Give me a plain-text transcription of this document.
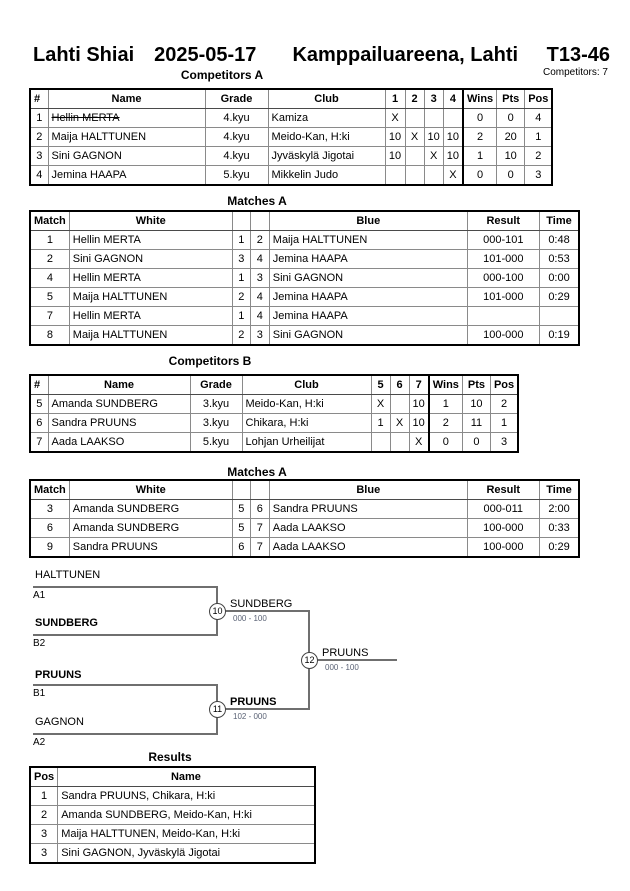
Lahti Shiai 2025-05-17 Kamppailuareena, Lahti T13-46
Competitors: 7
Competitors A
#	Name	Grade	Club	1	2	3	4	Wins	Pts	Pos
1	Hellin MERTA	4.kyu	Kamiza	X				0	0	4
2	Maija HALTTUNEN	4.kyu	Meido-Kan, H:ki	10	X	10	10	2	20	1
3	Sini GAGNON	4.kyu	Jyväskylä Jigotai	10		X	10	1	10	2
4	Jemina HAAPA	5.kyu	Mikkelin Judo				X	0	0	3
Matches A
Match	White			Blue	Result	Time
1	Hellin MERTA	1	2	Maija HALTTUNEN	000-101	0:48
2	Sini GAGNON	3	4	Jemina HAAPA	101-000	0:53
4	Hellin MERTA	1	3	Sini GAGNON	000-100	0:00
5	Maija HALTTUNEN	2	4	Jemina HAAPA	101-000	0:29
7	Hellin MERTA	1	4	Jemina HAAPA		
8	Maija HALTTUNEN	2	3	Sini GAGNON	100-000	0:19
Competitors B
#	Name	Grade	Club	5	6	7	Wins	Pts	Pos
5	Amanda SUNDBERG	3.kyu	Meido-Kan, H:ki	X		10	1	10	2
6	Sandra PRUUNS	3.kyu	Chikara, H:ki	1	X	10	2	11	1
7	Aada LAAKSO	5.kyu	Lohjan Urheilijat			X	0	0	3
Matches A
Match	White			Blue	Result	Time
3	Amanda SUNDBERG	5	6	Sandra PRUUNS	000-011	2:00
6	Amanda SUNDBERG	5	7	Aada LAAKSO	100-000	0:33
9	Sandra PRUUNS	6	7	Aada LAAKSO	100-000	0:29
HALTTUNEN
A1
SUNDBERG
B2
PRUUNS
B1
GAGNON
A2
10
11
12
SUNDBERG
000 - 100
PRUUNS
102 - 000
PRUUNS
000 - 100
Results
Pos	Name
1	Sandra PRUUNS, Chikara, H:ki
2	Amanda SUNDBERG, Meido-Kan, H:ki
3	Maija HALTTUNEN, Meido-Kan, H:ki
3	Sini GAGNON, Jyväskylä Jigotai
